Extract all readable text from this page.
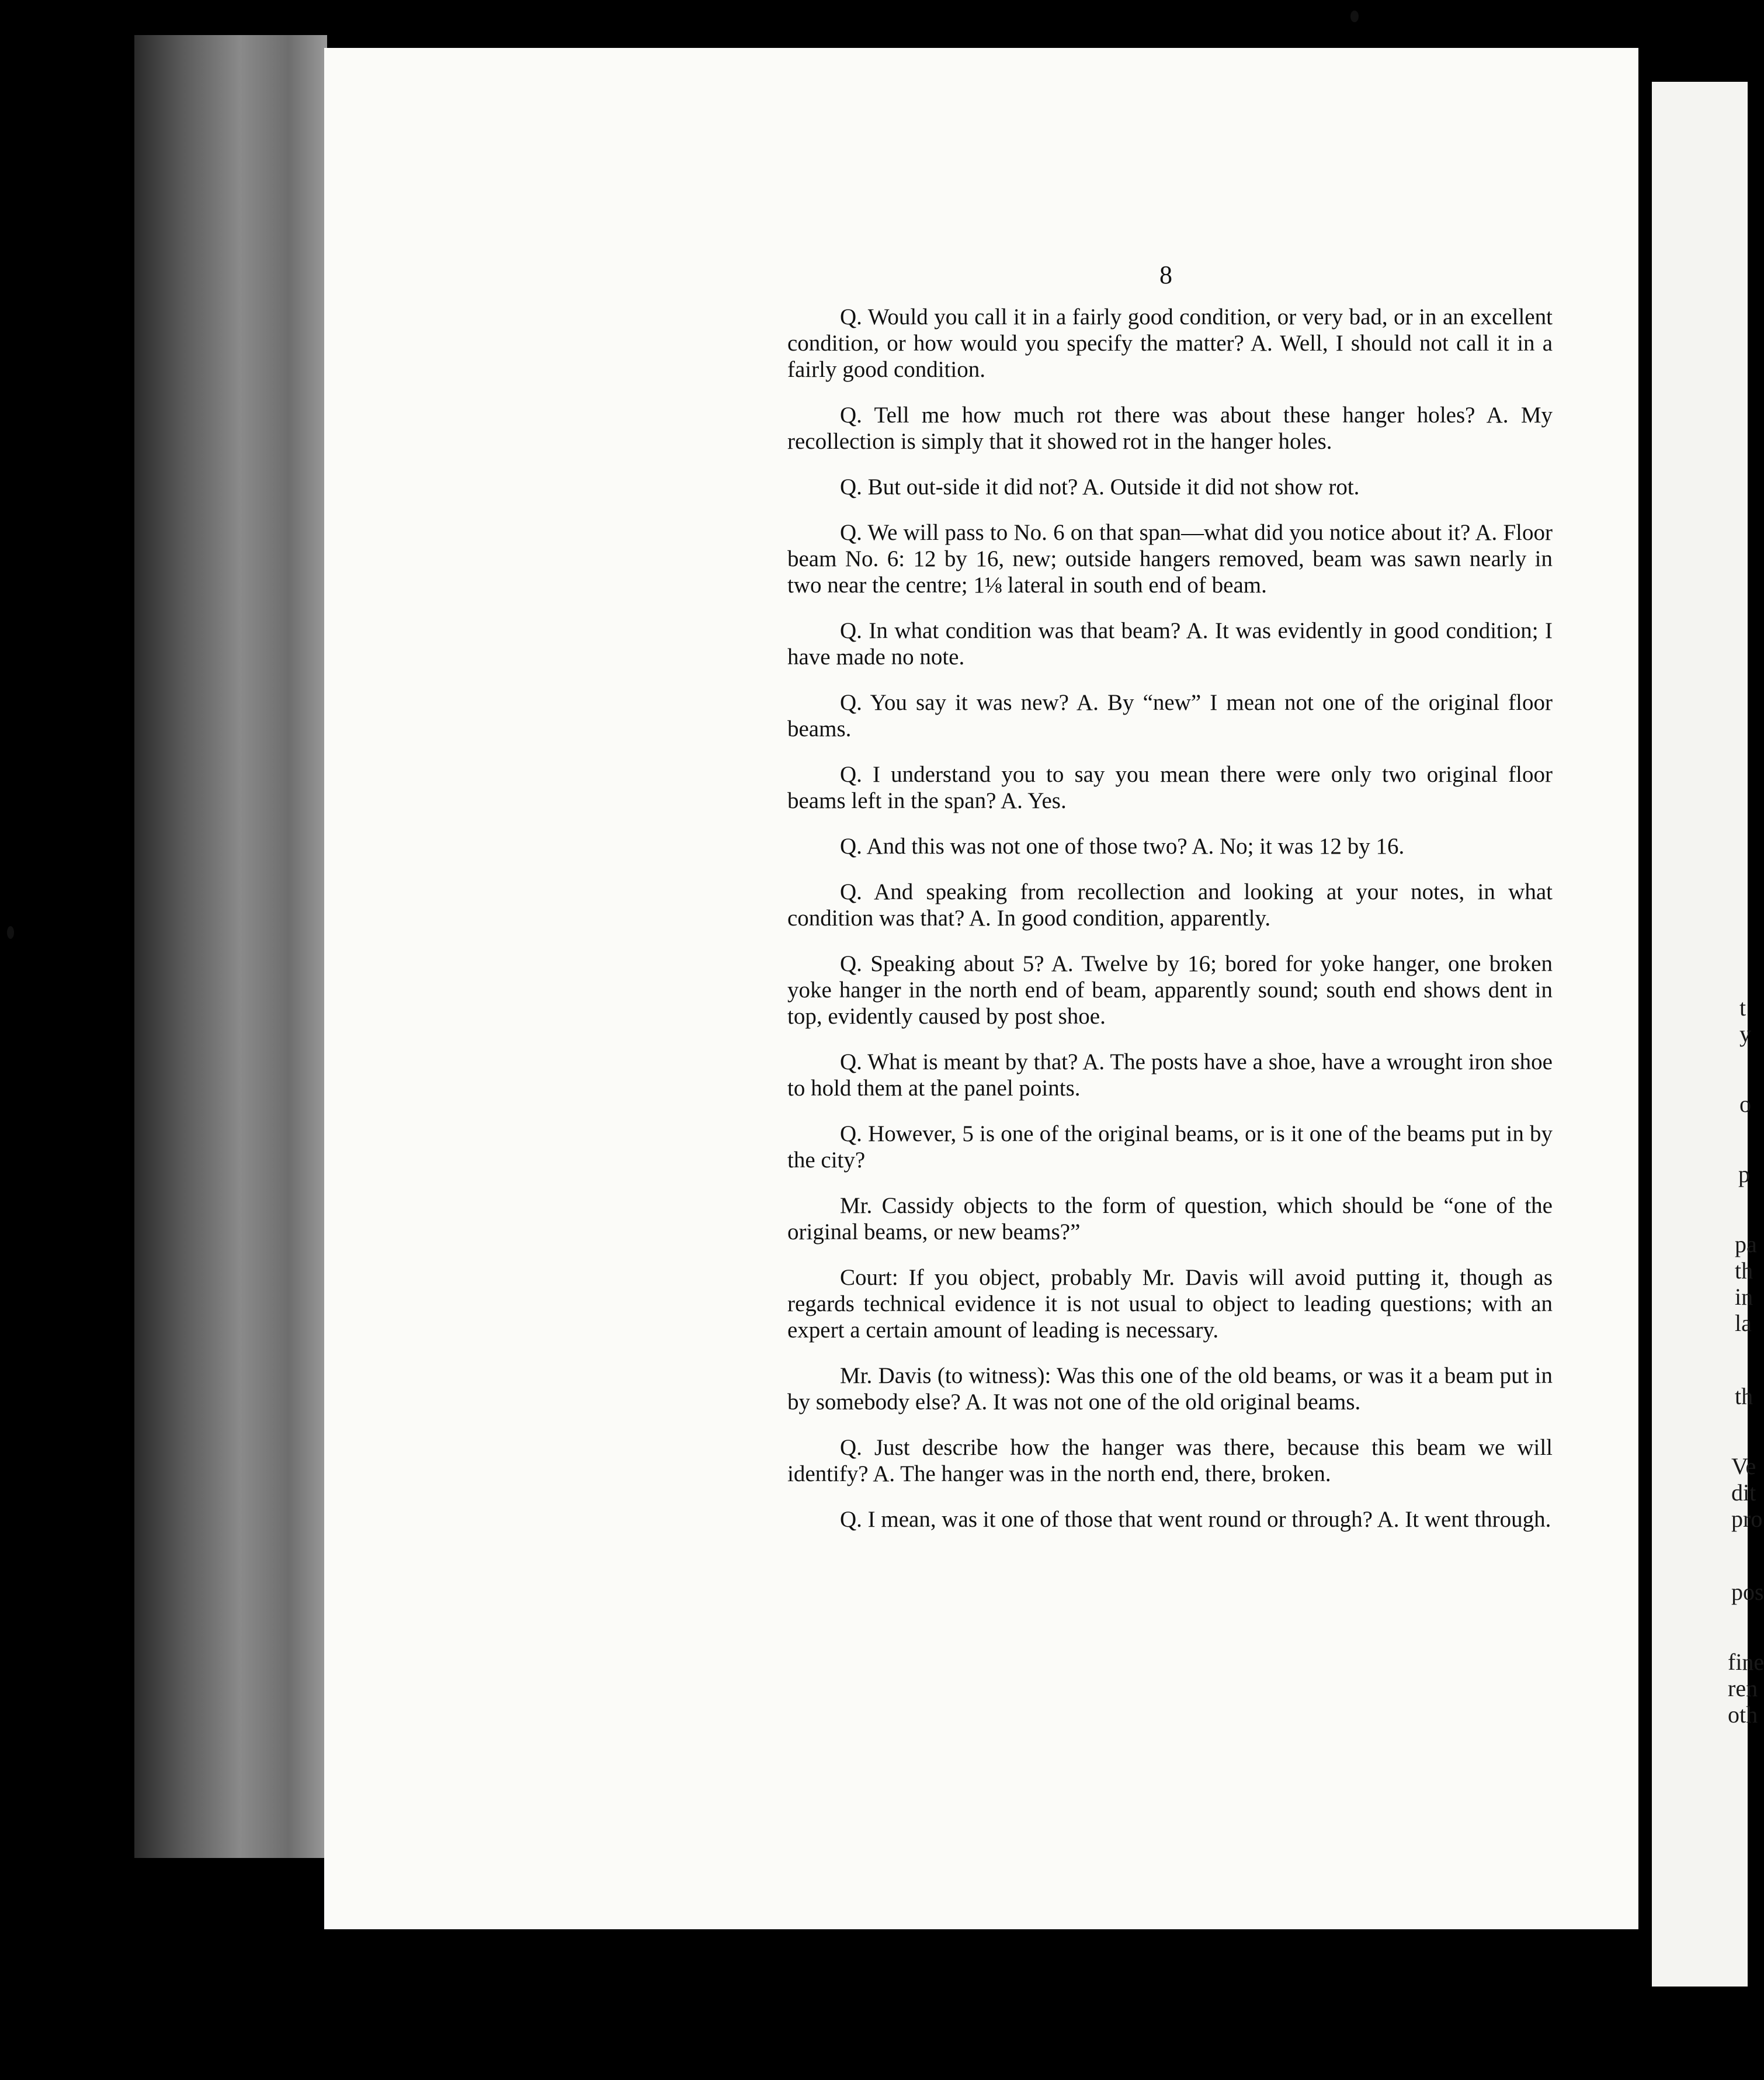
t
y
o
p
pa
th
in
la
th
Ve
dit
pro
pos
fine
ren
oth
8

Q. Would you call it in a fairly good condition, or very bad, or in an excellent condition, or how would you specify the matter? A. Well, I should not call it in a fairly good condition.

Q. Tell me how much rot there was about these hanger holes? A. My recollection is simply that it showed rot in the hanger holes.

Q. But out-side it did not? A. Outside it did not show rot.

Q. We will pass to No. 6 on that span—what did you notice about it? A. Floor beam No. 6: 12 by 16, new; outside hangers removed, beam was sawn nearly in two near the centre; 1⅛ lateral in south end of beam.

Q. In what condition was that beam? A. It was evidently in good condition; I have made no note.

Q. You say it was new? A. By “new” I mean not one of the original floor beams.

Q. I understand you to say you mean there were only two original floor beams left in the span? A. Yes.

Q. And this was not one of those two? A. No; it was 12 by 16.

Q. And speaking from recollection and looking at your notes, in what condition was that? A. In good condition, apparently.

Q. Speaking about 5? A. Twelve by 16; bored for yoke hanger, one broken yoke hanger in the north end of beam, apparently sound; south end shows dent in top, evidently caused by post shoe.

Q. What is meant by that? A. The posts have a shoe, have a wrought iron shoe to hold them at the panel points.

Q. However, 5 is one of the original beams, or is it one of the beams put in by the city?

Mr. Cassidy objects to the form of question, which should be “one of the original beams, or new beams?”

Court: If you object, probably Mr. Davis will avoid putting it, though as regards technical evidence it is not usual to object to leading questions; with an expert a certain amount of leading is necessary.

Mr. Davis (to witness): Was this one of the old beams, or was it a beam put in by somebody else? A. It was not one of the old original beams.

Q. Just describe how the hanger was there, because this beam we will identify? A. The hanger was in the north end, there, broken.

Q. I mean, was it one of those that went round or through? A. It went through.
